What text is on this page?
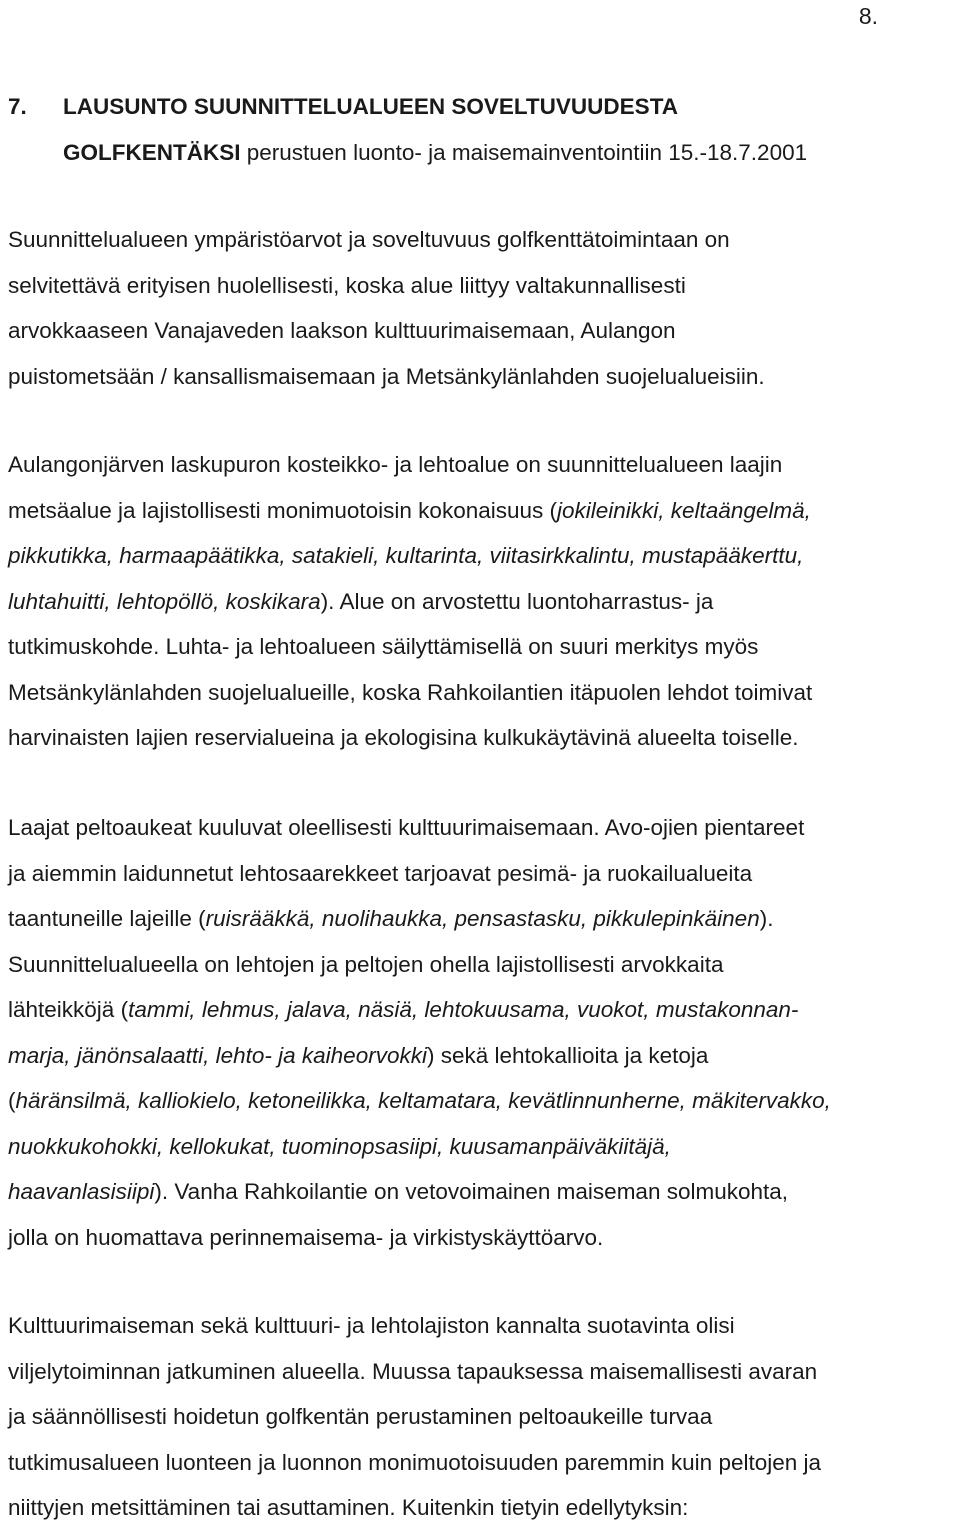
8.
7. LAUSUNTO SUUNNITTELUALUEEN SOVELTUVUUDESTA
GOLFKENTÄKSI perustuen luonto- ja maisemainventointiin 15.-18.7.2001
Suunnittelualueen ympäristöarvot ja soveltuvuus golfkenttätoimintaan on
selvitettävä erityisen huolellisesti, koska alue liittyy valtakunnallisesti
arvokkaaseen Vanajaveden laakson kulttuurimaisemaan, Aulangon
puistometsään / kansallismaisemaan ja Metsänkylänlahden suojelualueisiin.
Aulangonjärven laskupuron kosteikko- ja lehtoalue on suunnittelualueen laajin
metsäalue ja lajistollisesti monimuotoisin kokonaisuus (jokileinikki, keltaängelmä,
pikkutikka, harmaapäätikka, satakieli, kultarinta, viitasirkkalintu, mustapääkerttu,
luhtahuitti, lehtopöllö, koskikara). Alue on arvostettu luontoharrastus- ja
tutkimuskohde. Luhta- ja lehtoalueen säilyttämisellä on suuri merkitys myös
Metsänkylänlahden suojelualueille, koska Rahkoilantien itäpuolen lehdot toimivat
harvinaisten lajien reservialueina ja ekologisina kulkukäytävinä alueelta toiselle.
Laajat peltoaukeat kuuluvat oleellisesti kulttuurimaisemaan. Avo-ojien pientareet
ja aiemmin laidunnetut lehtosaarekkeet tarjoavat pesimä- ja ruokailualueita
taantuneille lajeille (ruisrääkkä, nuolihaukka, pensastasku, pikkulepinkäinen).
Suunnittelualueella on lehtojen ja peltojen ohella lajistollisesti arvokkaita
lähteikköjä (tammi, lehmus, jalava, näsiä, lehtokuusama, vuokot, mustakonnan-
marja, jänönsalaatti, lehto- ja kaiheorvokki) sekä lehtokallioita ja ketoja
(häränsilmä, kalliokielo, ketoneilikka, keltamatara, kevätlinnunherne, mäkitervakko,
nuokkukohokki, kellokukat, tuominopsasiipi, kuusamanpäiväkiitäjä,
haavanlasisiipi). Vanha Rahkoilantie on vetovoimainen maiseman solmukohta,
jolla on huomattava perinnemaisema- ja virkistyskäyttöarvo.
Kulttuurimaiseman sekä kulttuuri- ja lehtolajiston kannalta suotavinta olisi
viljelytoiminnan jatkuminen alueella. Muussa tapauksessa maisemallisesti avaran
ja säännöllisesti hoidetun golfkentän perustaminen peltoaukeille turvaa
tutkimusalueen luonteen ja luonnon monimuotoisuuden paremmin kuin peltojen ja
niittyjen metsittäminen tai asuttaminen. Kuitenkin tietyin edellytyksin:
